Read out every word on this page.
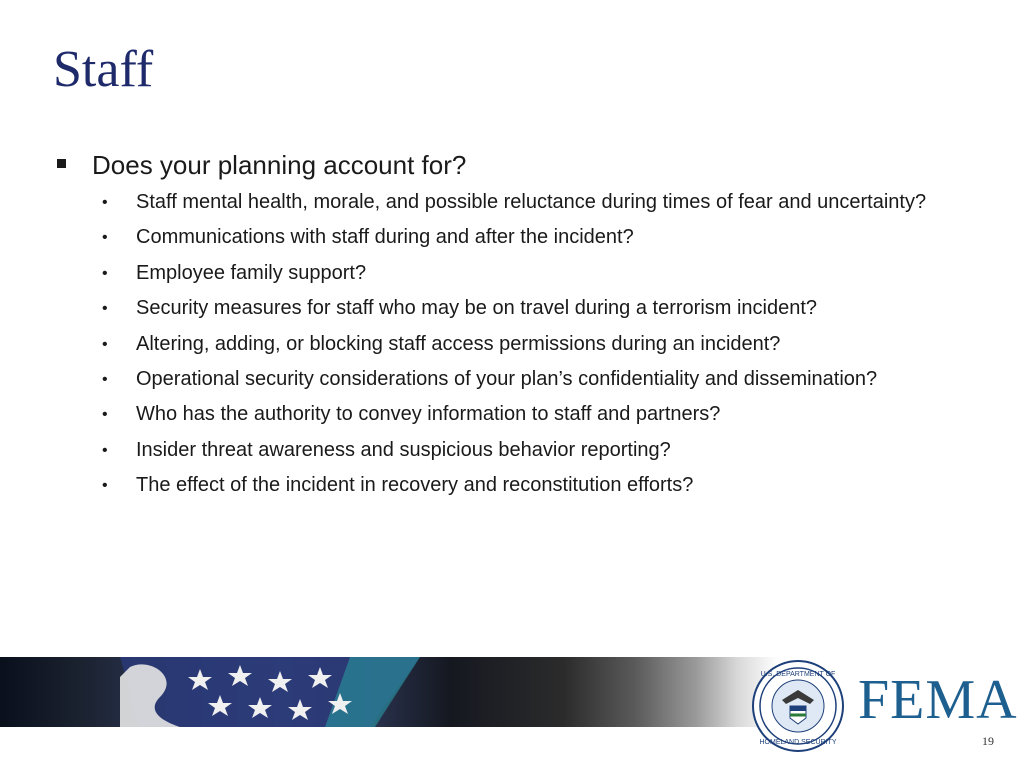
Staff
Does your planning account for?
• Staff mental health, morale, and possible reluctance during times of fear and uncertainty?
• Communications with staff during and after the incident?
• Employee family support?
• Security measures for staff who may be on travel during a terrorism incident?
• Altering, adding, or blocking staff access permissions during an incident?
• Operational security considerations of your plan’s confidentiality and dissemination?
• Who has the authority to convey information to staff and partners?
• Insider threat awareness and suspicious behavior reporting?
• The effect of the incident in recovery and reconstitution efforts?
U.S. DEPARTMENT OF
HOMELAND SECURITY
FEMA
19
